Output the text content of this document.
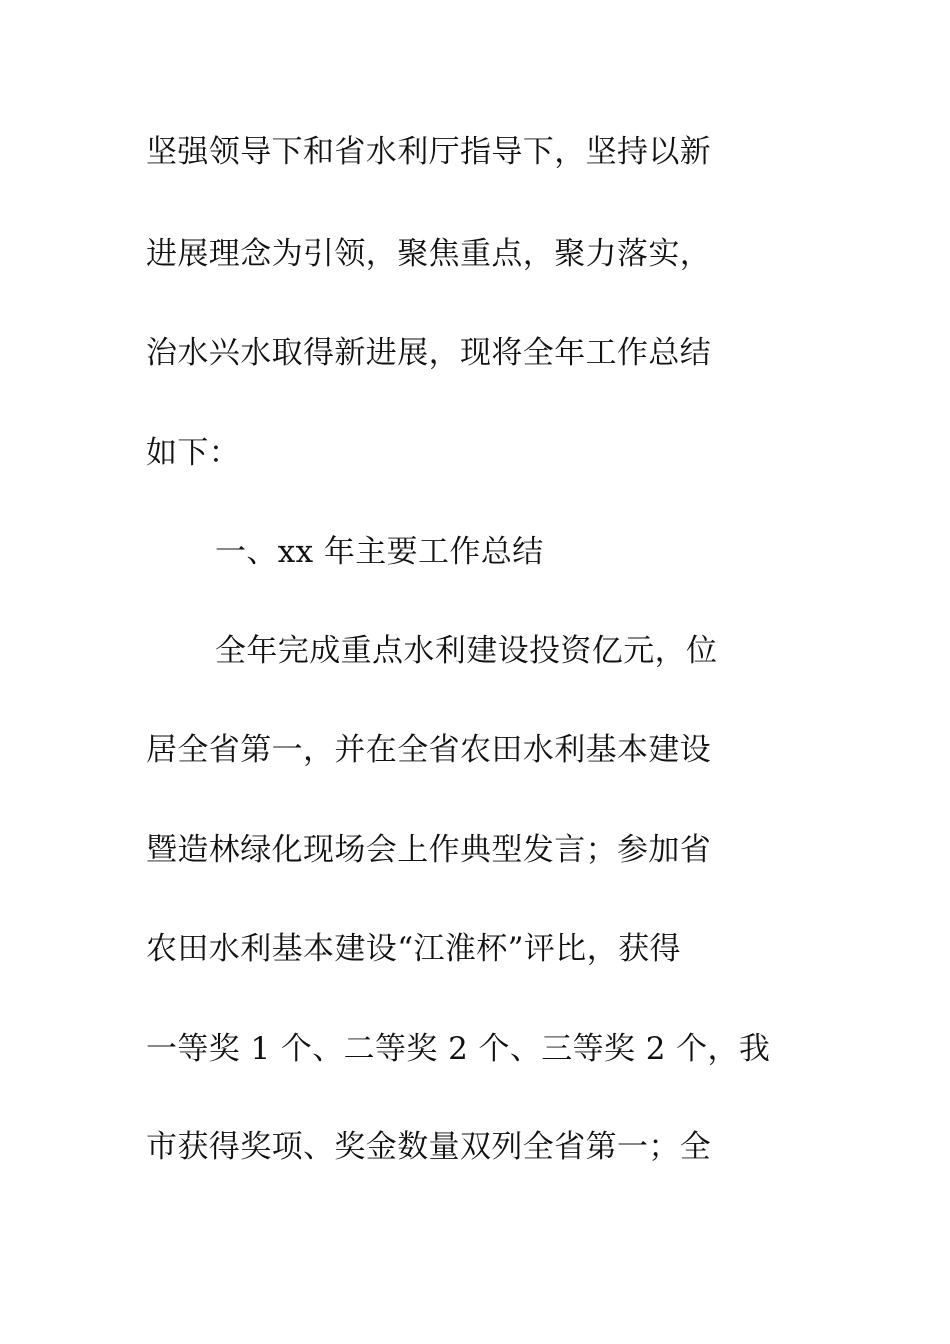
坚强领导下和省水利厅指导下，坚持以新
进展理念为引领，聚焦重点，聚力落实，
治水兴水取得新进展，现将全年工作总结
如下：
一、xx 年主要工作总结
全年完成重点水利建设投资亿元，位
居全省第一，并在全省农田水利基本建设
暨造林绿化现场会上作典型发言；参加省
农田水利基本建设“江淮杯”评比，获得
一等奖 1 个、二等奖 2 个、三等奖 2 个，我
市获得奖项、奖金数量双列全省第一；全
